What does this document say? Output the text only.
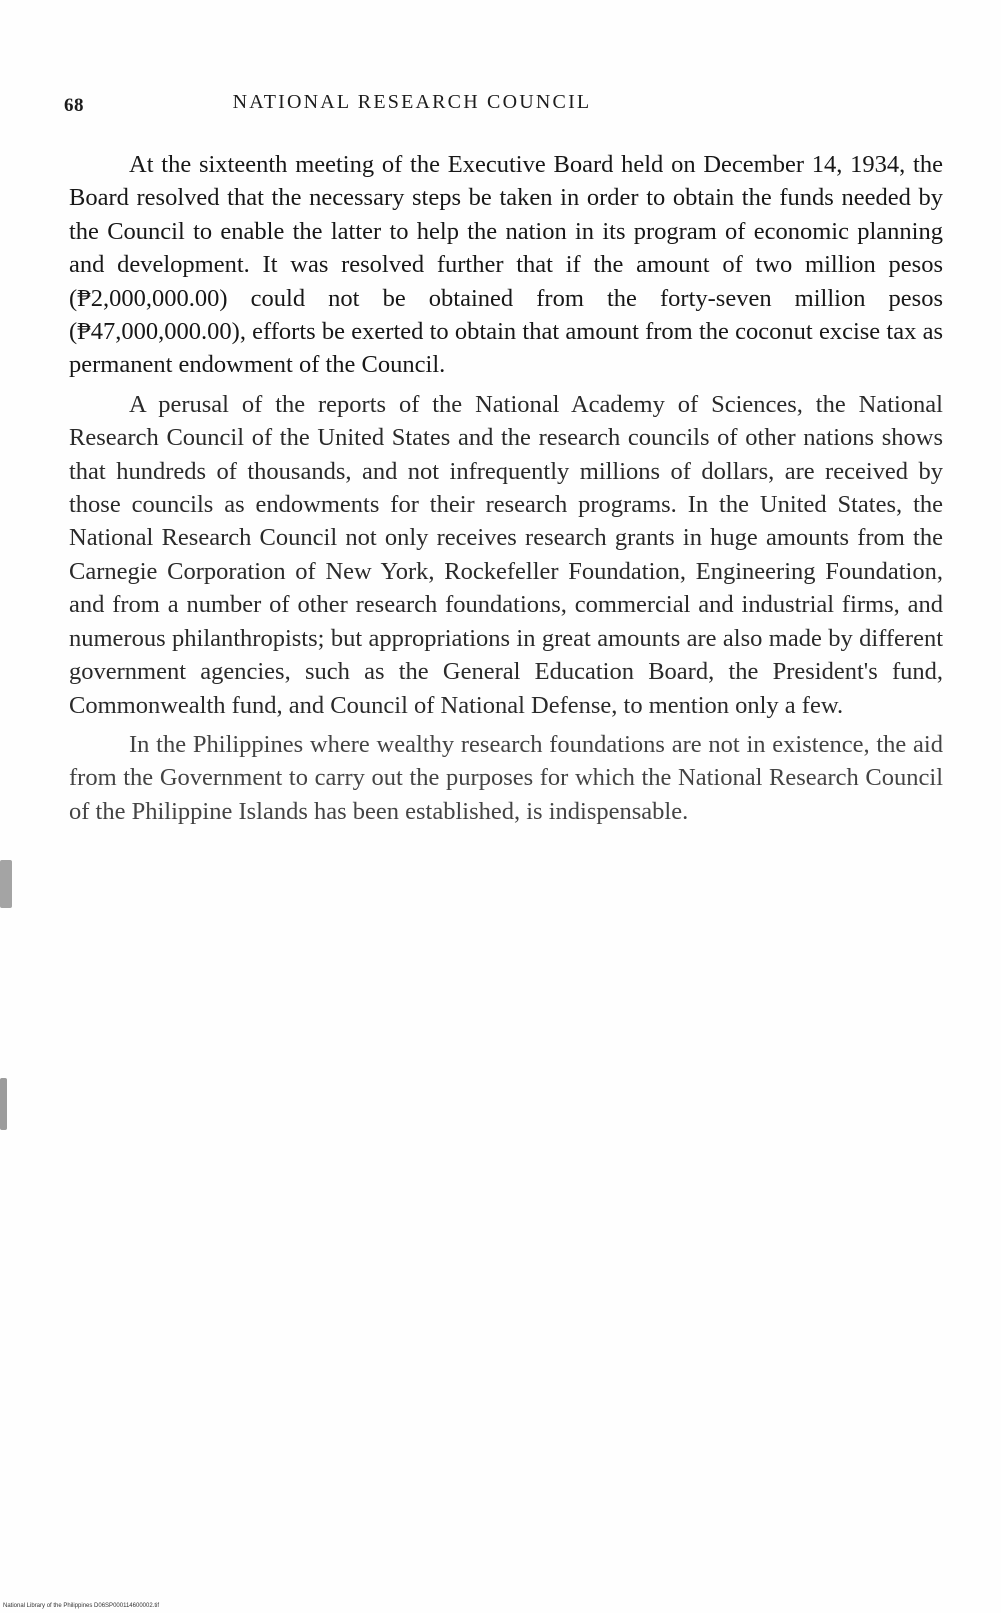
68	NATIONAL RESEARCH COUNCIL

At the sixteenth meeting of the Executive Board held on December 14, 1934, the Board resolved that the necessary steps be taken in order to obtain the funds needed by the Council to enable the latter to help the nation in its program of economic planning and development. It was resolved further that if the amount of two million pesos (₱2,000,000.00) could not be obtained from the forty-seven million pesos (₱47,000,000.00), efforts be exerted to obtain that amount from the coconut excise tax as permanent endowment of the Council.

A perusal of the reports of the National Academy of Sciences, the National Research Council of the United States and the research councils of other nations shows that hundreds of thousands, and not infrequently millions of dollars, are received by those councils as endowments for their research programs. In the United States, the National Research Council not only receives research grants in huge amounts from the Carnegie Corporation of New York, Rockefeller Foundation, Engineering Foundation, and from a number of other research foundations, commercial and industrial firms, and numerous philanthropists; but appropriations in great amounts are also made by different government agencies, such as the General Education Board, the President's fund, Commonwealth fund, and Council of National Defense, to mention only a few.

In the Philippines where wealthy research foundations are not in existence, the aid from the Government to carry out the purposes for which the National Research Council of the Philippine Islands has been established, is indispensable.

National Library of the Philippines D06SP000114600002.tif
